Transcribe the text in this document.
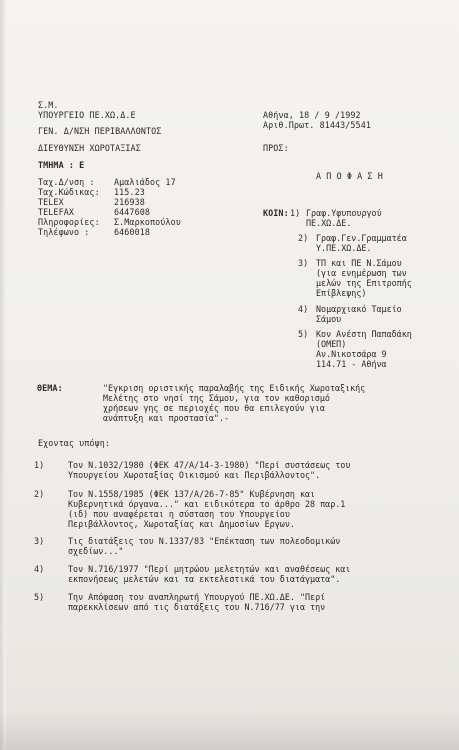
Σ.Μ.
ΥΠΟΥΡΓΕΙΟ ΠΕ.ΧΩ.Δ.Ε
ΓΕΝ. Δ/ΝΣΗ ΠΕΡΙΒΑΛΛΟΝΤΟΣ
ΔΙΕΥΘΥΝΣΗ ΧΩΡΟΤΑΞΙΑΣ
ΤΜΗΜΑ : Ε
Αθήνα, 18 / 9 /1992
Αριθ.Πρωτ. 81443/5541
ΠΡΟΣ:
Α Π Ο Φ Α Σ Η
Ταχ.Δ/νση : Αμαλιάδος 17
Ταχ.Κώδικας: 115.23
TELEX	216938
TELEFAX	6447608
Πληροφορίες: Σ.Μαρκοπούλου
Τηλέφωνο :	6460018
ΚΟΙΝ: 1) Γραφ.Υφυπουργού
ΠΕ.ΧΩ.ΔΕ.
2) Γραφ.Γεν.Γραμματέα
Υ.ΠΕ.ΧΩ.ΔΕ.
3) ΤΠ και ΠΕ Ν.Σάμου
(για ενημέρωση των
μελών της Επιτροπής
Επίβλεψης)
4) Νομαρχιακό Ταμείο
Σάμου
5) Κον Ανέστη Παπαδάκη
(ΟΜΕΠ)
Αν.Νικοτσάρα 9
114.71 - Αθήνα
ΘΕΜΑ:	"Εγκριση οριστικής παραλαβής της Ειδικής Χωροταξικής
Μελέτης στο νησί της Σάμου, για τον καθορισμό
χρήσεων γης σε περιοχές που θα επιλεγούν για
ανάπτυξη και προστασία".-
Εχοντας υπόψη:
1)	Τον Ν.1032/1980 (ΦΕΚ 47/Α/14-3-1980) "Περί συστάσεως του
Υπουργείου Χωροταξίας Οικισμού και Περιβάλλοντος".
2)	Τον Ν.1558/1985 (ΦΕΚ 137/Α/26-7-85" Κυβέρνηση και
Κυβερνητικά όργανα..." και ειδικότερα το άρθρο 28 παρ.1
(ιδ) που αναφέρεται η σύσταση του Υπουργείου
Περιβάλλοντος, Χωροταξίας και Δημοσίων Εργων.
3)	Τις διατάξεις του Ν.1337/83 "Επέκταση των πολεοδομικών
σχεδίων..."
4)	Τον Ν.716/1977 "Περί μητρώου μελετητών και αναθέσεως και
εκπονήσεως μελετών και τα εκτελεστικά του διατάγματα".
5)	Την Απόφαση του αναπληρωτή Υπουργού ΠΕ.ΧΩ.ΔΕ. "Περί
παρεκκλίσεων από τις διατάξεις του Ν.716/77 για την
